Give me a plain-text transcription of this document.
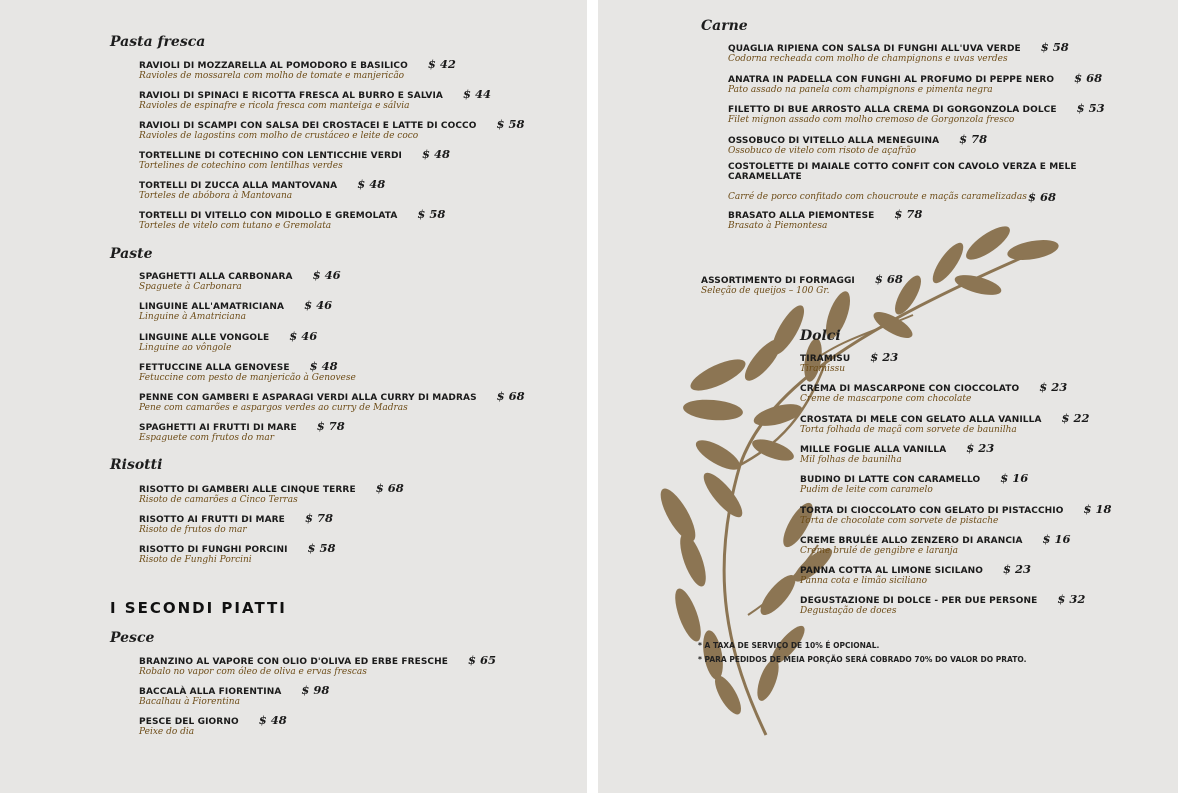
Pasta fresca
RAVIOLI DI MOZZARELLA AL POMODORO E BASILICO $ 42
Ravioles de mossarela com molho de tomate e manjericão
RAVIOLI DI SPINACI E RICOTTA FRESCA AL BURRO E SALVIA $ 44
Ravioles de espinafre e ricola fresca com manteiga e sálvia
RAVIOLI DI SCAMPI CON SALSA DEI CROSTACEI E LATTE DI COCCO $ 58
Ravioles de lagostins com molho de crustáceo e leite de coco
TORTELLINE DI COTECHINO CON LENTICCHIE VERDI $ 48
Tortelines de cotechino com lentilhas verdes
TORTELLI DI ZUCCA ALLA MANTOVANA $ 48
Torteles de abóbora à Mantovana
TORTELLI DI VITELLO CON MIDOLLO E GREMOLATA $ 58
Torteles de vitelo com tutano e Gremolata
Paste
SPAGHETTI ALLA CARBONARA $ 46
Spaguete à Carbonara
LINGUINE ALL'AMATRICIANA $ 46
Linguine à Amatriciana
LINGUINE ALLE VONGOLE $ 46
Linguine ao vôngole
FETTUCCINE ALLA GENOVESE $ 48
Fetuccine com pesto de manjericão à Genovese
PENNE CON GAMBERI E ASPARAGI VERDI ALLA CURRY DI MADRAS $ 68
Pene com camarões e aspargos verdes ao curry de Madras
SPAGHETTI AI FRUTTI DI MARE $ 78
Espaguete com frutos do mar
Risotti
RISOTTO DI GAMBERI ALLE CINQUE TERRE $ 68
Risoto de camarões a Cinco Terras
RISOTTO AI FRUTTI DI MARE $ 78
Risoto de frutos do mar
RISOTTO DI FUNGHI PORCINI $ 58
Risoto de Funghi Porcini
I SECONDI PIATTI
Pesce
BRANZINO AL VAPORE CON OLIO D'OLIVA ED ERBE FRESCHE $ 65
Robalo no vapor com óleo de oliva e ervas frescas
BACCALÀ ALLA FIORENTINA $ 98
Bacalhau à Fiorentina
PESCE DEL GIORNO $ 48
Peixe do dia
Carne
QUAGLIA RIPIENA CON SALSA DI FUNGHI ALL'UVA VERDE $ 58
Codorna recheada com molho de champignons e uvas verdes
ANATRA IN PADELLA CON FUNGHI AL PROFUMO DI PEPPE NERO $ 68
Pato assado na panela com champignons e pimenta negra
FILETTO DI BUE ARROSTO ALLA CREMA DI GORGONZOLA DOLCE $ 53
Filet mignon assado com molho cremoso de Gorgonzola fresco
OSSOBUCO DI VITELLO ALLA MENEGUINA $ 78
Ossobuco de vitelo com risoto de açafrão
COSTOLETTE DI MAIALE COTTO CONFIT CON CAVOLO VERZA E MELE CARAMELLATE
Carré de porco confitado com choucroute e maçãs caramelizadas $ 68
BRASATO ALLA PIEMONTESE $ 78
Brasato à Piemontesa
ASSORTIMENTO DI FORMAGGI $ 68
Seleção de queijos – 100 Gr.
Dolci
TIRAMISU $ 23
Tiramissu
CREMA DI MASCARPONE CON CIOCCOLATO $ 23
Creme de mascarpone com chocolate
CROSTATA DI MELE CON GELATO ALLA VANILLA $ 22
Torta folhada de maçã com sorvete de baunilha
MILLE FOGLIE ALLA VANILLA $ 23
Mil folhas de baunilha
BUDINO DI LATTE CON CARAMELLO $ 16
Pudim de leite com caramelo
TORTA DI CIOCCOLATO CON GELATO DI PISTACCHIO $ 18
Torta de chocolate com sorvete de pistache
CREME BRULÉE ALLO ZENZERO DI ARANCIA $ 16
Creme brulé de gengibre e laranja
PANNA COTTA AL LIMONE SICILANO $ 23
Panna cota e limão siciliano
DEGUSTAZIONE DI DOLCE - PER DUE PERSONE $ 32
Degustação de doces
* A TAXA DE SERVIÇO DE 10% É OPCIONAL.
* PARA PEDIDOS DE MEIA PORÇÃO SERÁ COBRADO 70% DO VALOR DO PRATO.
